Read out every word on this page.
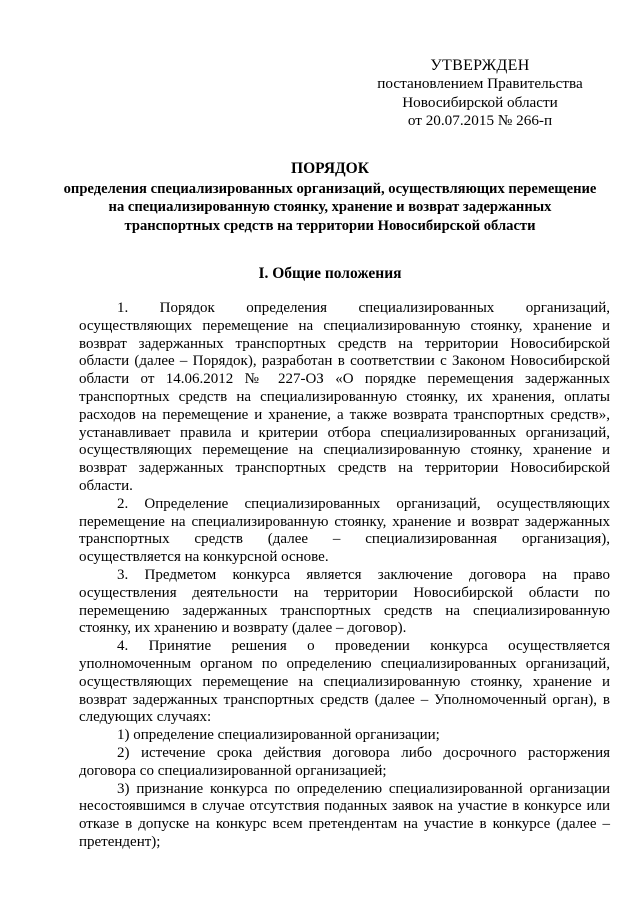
УТВЕРЖДЕН
постановлением Правительства
Новосибирской области
от 20.07.2015 № 266-п
ПОРЯДОК
определения специализированных организаций, осуществляющих перемещение на специализированную стоянку, хранение и возврат задержанных транспортных средств на территории Новосибирской области
I. Общие положения

1. Порядок определения специализированных организаций, осуществляющих перемещение на специализированную стоянку, хранение и возврат задержанных транспортных средств на территории Новосибирской области (далее – Порядок), разработан в соответствии с Законом Новосибирской области от 14.06.2012 № 227-ОЗ «О порядке перемещения задержанных транспортных средств на специализированную стоянку, их хранения, оплаты расходов на перемещение и хранение, а также возврата транспортных средств», устанавливает правила и критерии отбора специализированных организаций, осуществляющих перемещение на специализированную стоянку, хранение и возврат задержанных транспортных средств на территории Новосибирской области.

2. Определение специализированных организаций, осуществляющих перемещение на специализированную стоянку, хранение и возврат задержанных транспортных средств (далее – специализированная организация), осуществляется на конкурсной основе.

3. Предметом конкурса является заключение договора на право осуществления деятельности на территории Новосибирской области по перемещению задержанных транспортных средств на специализированную стоянку, их хранению и возврату (далее – договор).

4. Принятие решения о проведении конкурса осуществляется уполномоченным органом по определению специализированных организаций, осуществляющих перемещение на специализированную стоянку, хранение и возврат задержанных транспортных средств (далее – Уполномоченный орган), в следующих случаях:

1) определение специализированной организации;

2) истечение срока действия договора либо досрочного расторжения договора со специализированной организацией;

3) признание конкурса по определению специализированной организации несостоявшимся в случае отсутствия поданных заявок на участие в конкурсе или отказе в допуске на конкурс всем претендентам на участие в конкурсе (далее – претендент);
